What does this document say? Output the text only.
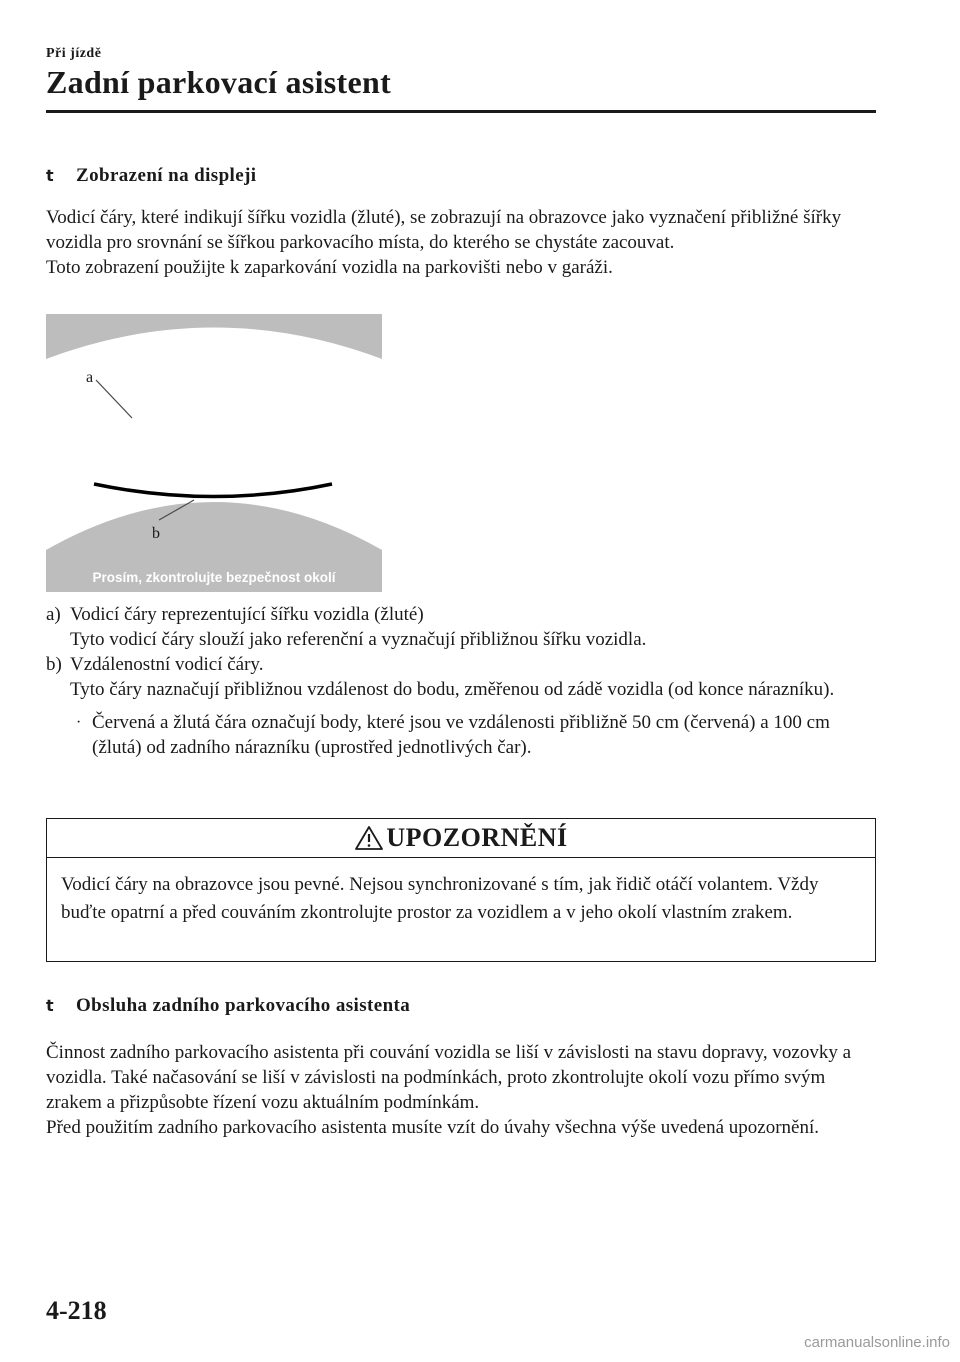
Při jízdě
Zadní parkovací asistent
t	Zobrazení na displeji

Vodicí čáry, které indikují šířku vozidla (žluté), se zobrazují na obrazovce jako vyznačení přibližné šířky vozidla pro srovnání se šířkou parkovacího místa, do kterého se chystáte zacouvat.

Toto zobrazení použijte k zaparkování vozidla na parkovišti nebo v garáži.

a
b
Prosím, zkontrolujte bezpečnost okolí
a) Vodicí čáry reprezentující šířku vozidla (žluté)
Tyto vodicí čáry slouží jako referenční a vyznačují přibližnou šířku vozidla.
b) Vzdálenostní vodicí čáry.
Tyto čáry naznačují přibližnou vzdálenost do bodu, změřenou od zádě vozidla (od konce nárazníku).
· Červená a žlutá čára označují body, které jsou ve vzdálenosti přibližně 50 cm (červená) a 100 cm (žlutá) od zadního nárazníku (uprostřed jednotlivých čar).
UPOZORNĚNÍ
Vodicí čáry na obrazovce jsou pevné. Nejsou synchronizované s tím, jak řidič otáčí volantem. Vždy buďte opatrní a před couváním zkontrolujte prostor za vozidlem a v jeho okolí vlastním zrakem.
t	Obsluha zadního parkovacího asistenta

Činnost zadního parkovacího asistenta při couvání vozidla se liší v závislosti na stavu dopravy, vozovky a vozidla. Také načasování se liší v závislosti na podmínkách, proto zkontrolujte okolí vozu přímo svým zrakem a přizpůsobte řízení vozu aktuálním podmínkám.

Před použitím zadního parkovacího asistenta musíte vzít do úvahy všechna výše uvedená upozornění.

4-218
carmanualsonline.info
